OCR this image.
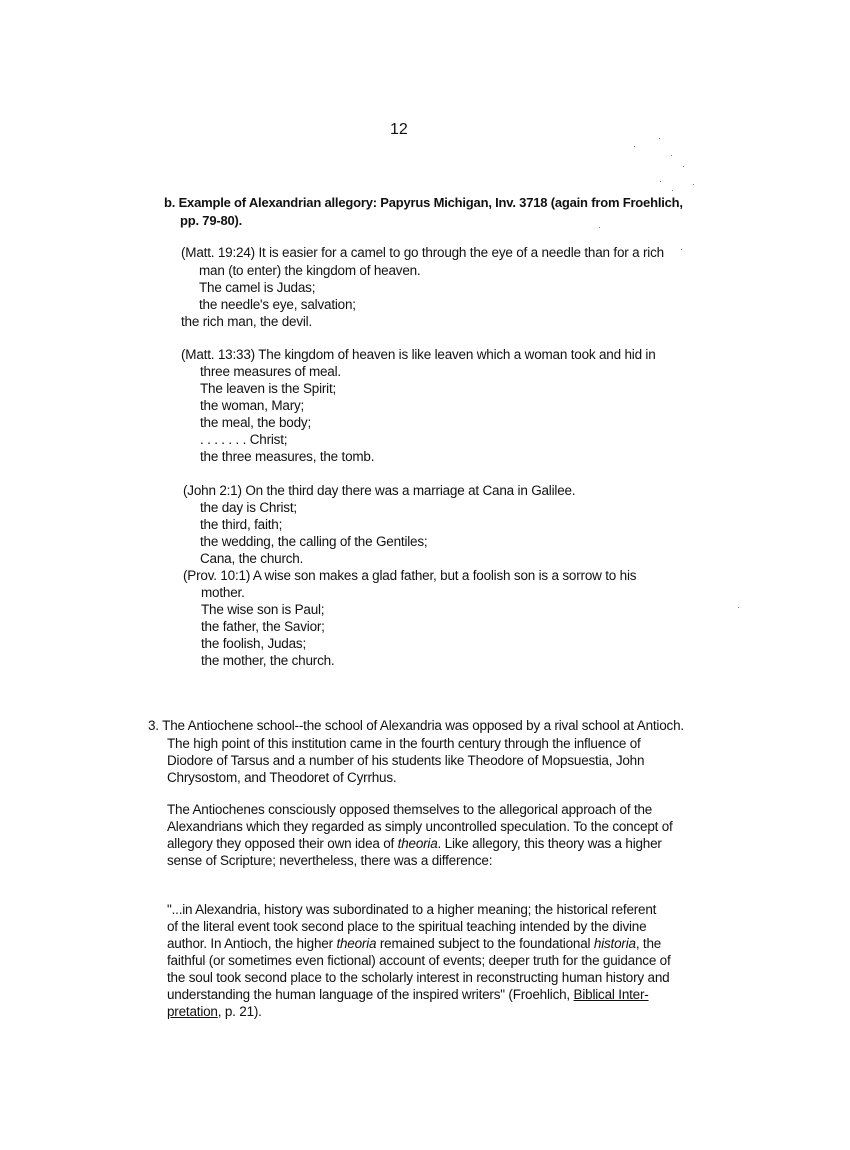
12
b. Example of Alexandrian allegory: Papyrus Michigan, Inv. 3718 (again from Froehlich,
pp. 79-80).
(Matt. 19:24) It is easier for a camel to go through the eye of a needle than for a rich
man (to enter) the kingdom of heaven.
The camel is Judas;
the needle's eye, salvation;
the rich man, the devil.
(Matt. 13:33) The kingdom of heaven is like leaven which a woman took and hid in
three measures of meal.
The leaven is the Spirit;
the woman, Mary;
the meal, the body;
. . . . . . . Christ;
the three measures, the tomb.
(John 2:1) On the third day there was a marriage at Cana in Galilee.
the day is Christ;
the third, faith;
the wedding, the calling of the Gentiles;
Cana, the church.
(Prov. 10:1) A wise son makes a glad father, but a foolish son is a sorrow to his
mother.
The wise son is Paul;
the father, the Savior;
the foolish, Judas;
the mother, the church.
3. The Antiochene school--the school of Alexandria was opposed by a rival school at Antioch.
The high point of this institution came in the fourth century through the influence of
Diodore of Tarsus and a number of his students like Theodore of Mopsuestia, John
Chrysostom, and Theodoret of Cyrrhus.
The Antiochenes consciously opposed themselves to the allegorical approach of the
Alexandrians which they regarded as simply uncontrolled speculation. To the concept of
allegory they opposed their own idea of theoria. Like allegory, this theory was a higher
sense of Scripture; nevertheless, there was a difference:
"...in Alexandria, history was subordinated to a higher meaning; the historical referent
of the literal event took second place to the spiritual teaching intended by the divine
author. In Antioch, the higher theoria remained subject to the foundational historia, the
faithful (or sometimes even fictional) account of events; deeper truth for the guidance of
the soul took second place to the scholarly interest in reconstructing human history and
understanding the human language of the inspired writers" (Froehlich, Biblical Inter-
pretation, p. 21).
